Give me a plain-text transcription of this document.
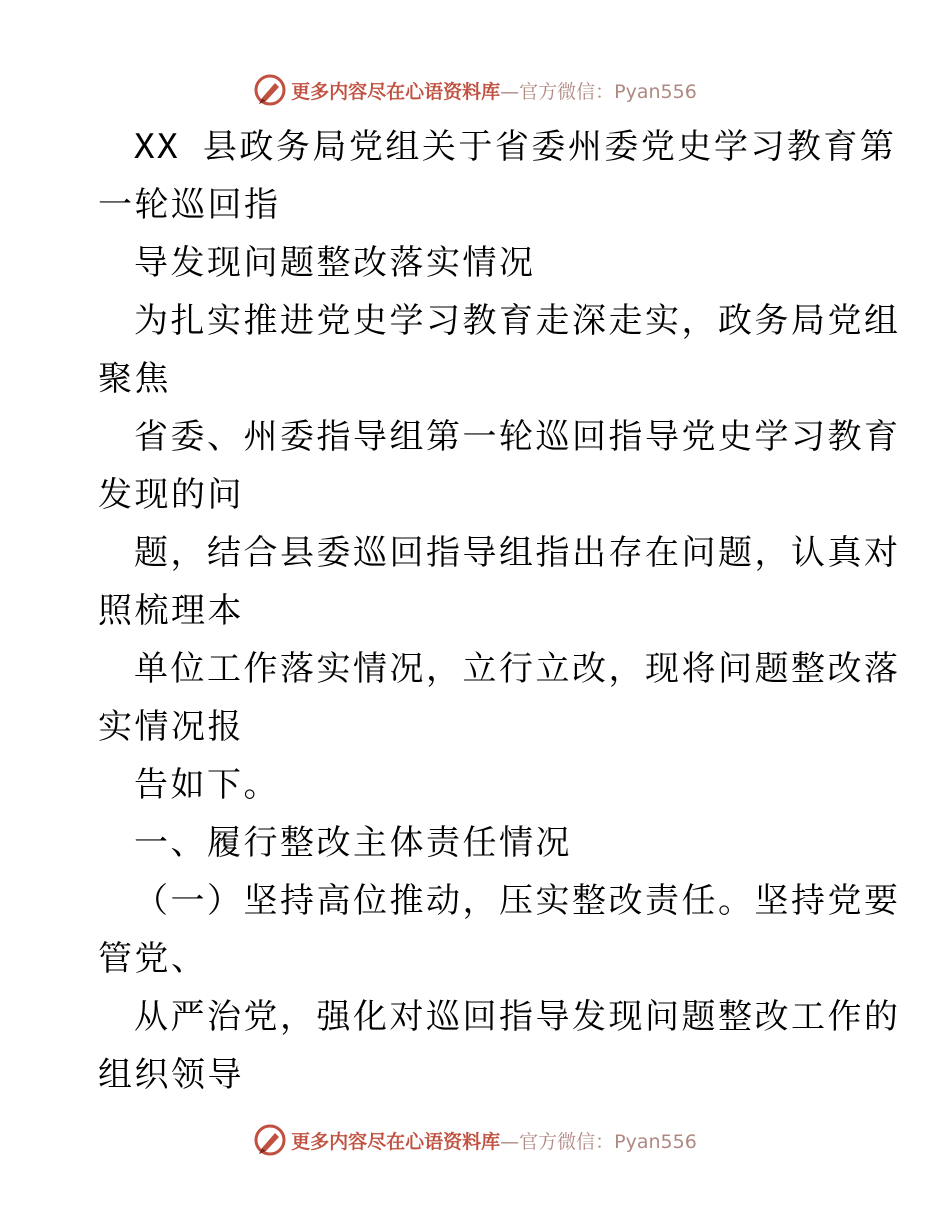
更多内容尽在心语资料库 —官方微信：Pyan556
XX 县政务局党组关于省委州委党史学习教育第
一轮巡回指
导发现问题整改落实情况
为扎实推进党史学习教育走深走实，政务局党组
聚焦
省委、州委指导组第一轮巡回指导党史学习教育
发现的问
题，结合县委巡回指导组指出存在问题，认真对
照梳理本
单位工作落实情况，立行立改，现将问题整改落
实情况报
告如下。
一、履行整改主体责任情况
（一）坚持高位推动，压实整改责任。坚持党要
管党、
从严治党，强化对巡回指导发现问题整改工作的
组织领导
更多内容尽在心语资料库 —官方微信：Pyan556
